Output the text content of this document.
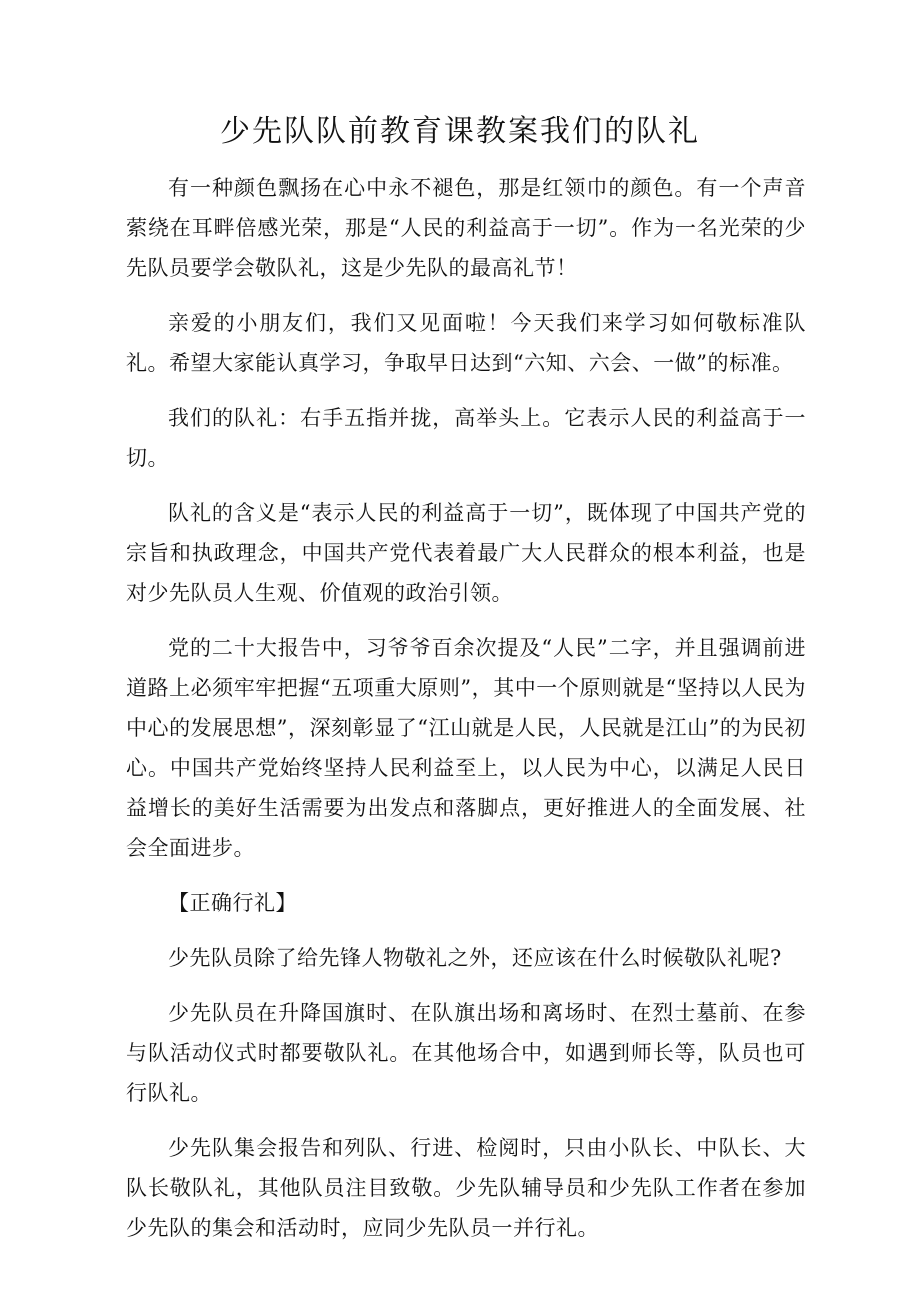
少先队队前教育课教案我们的队礼

有一种颜色飘扬在心中永不褪色，那是红领巾的颜色。有一个声音萦绕在耳畔倍感光荣，那是“人民的利益高于一切”。作为一名光荣的少先队员要学会敬队礼，这是少先队的最高礼节！

亲爱的小朋友们，我们又见面啦！今天我们来学习如何敬标准队礼。希望大家能认真学习，争取早日达到“六知、六会、一做”的标准。

我们的队礼：右手五指并拢，高举头上。它表示人民的利益高于一切。

队礼的含义是“表示人民的利益高于一切”，既体现了中国共产党的宗旨和执政理念，中国共产党代表着最广大人民群众的根本利益，也是对少先队员人生观、价值观的政治引领。

党的二十大报告中，习爷爷百余次提及“人民”二字，并且强调前进道路上必须牢牢把握“五项重大原则”，其中一个原则就是“坚持以人民为中心的发展思想”，深刻彰显了“江山就是人民，人民就是江山”的为民初心。中国共产党始终坚持人民利益至上，以人民为中心，以满足人民日益增长的美好生活需要为出发点和落脚点，更好推进人的全面发展、社会全面进步。

【正确行礼】

少先队员除了给先锋人物敬礼之外，还应该在什么时候敬队礼呢?

少先队员在升降国旗时、在队旗出场和离场时、在烈士墓前、在参与队活动仪式时都要敬队礼。在其他场合中，如遇到师长等，队员也可行队礼。

少先队集会报告和列队、行进、检阅时，只由小队长、中队长、大队长敬队礼，其他队员注目致敬。少先队辅导员和少先队工作者在参加少先队的集会和活动时，应同少先队员一并行礼。
